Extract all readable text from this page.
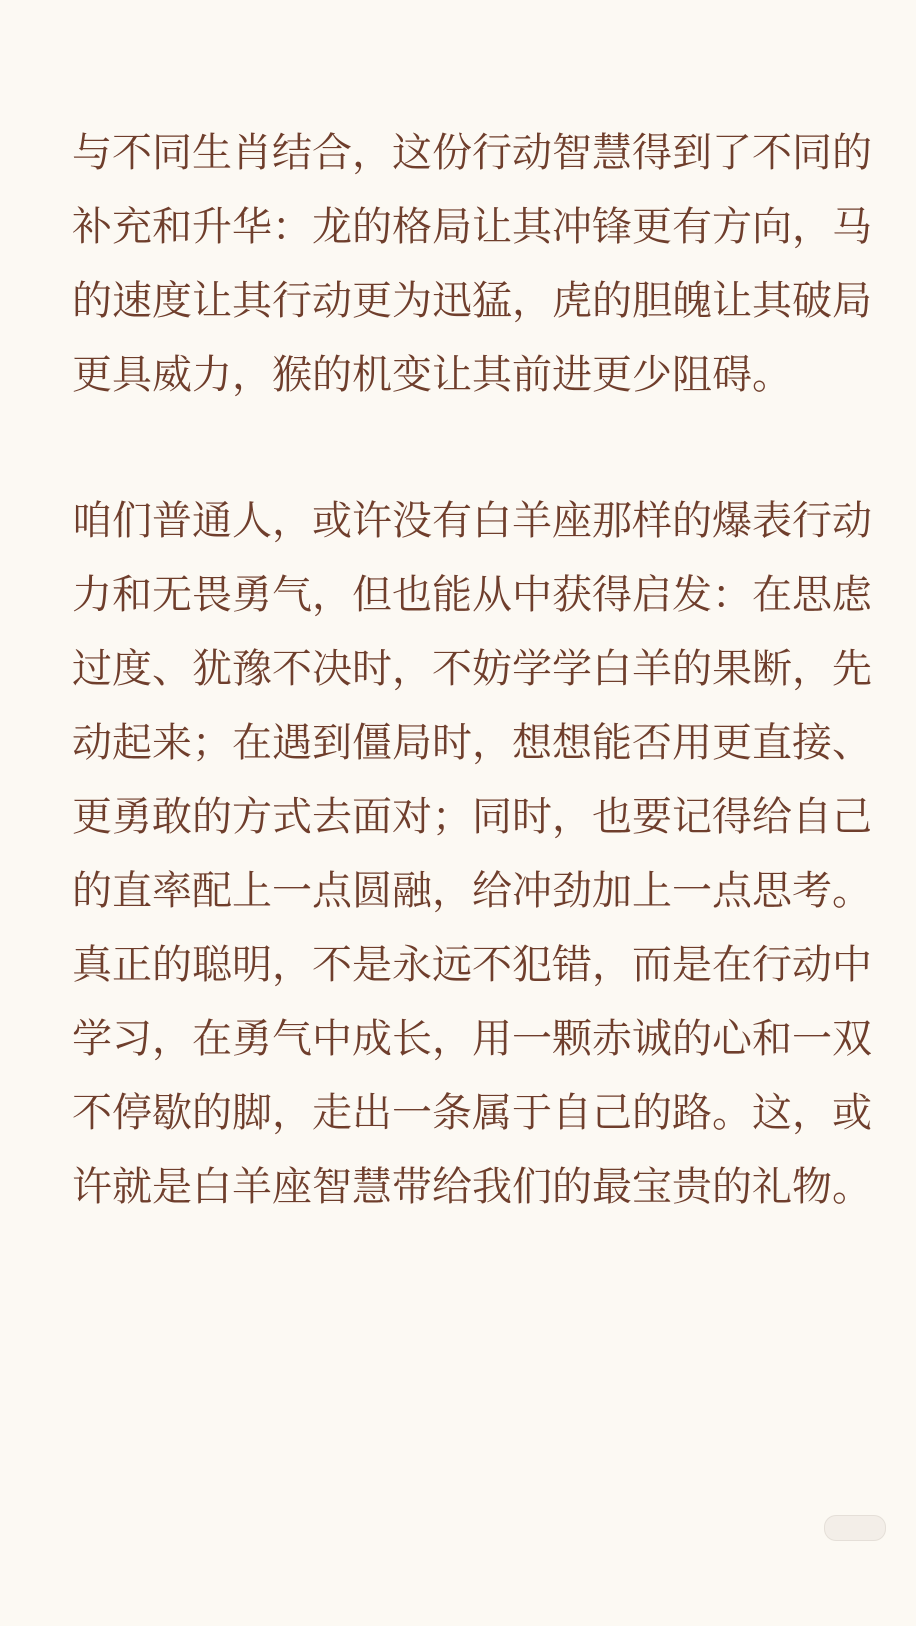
与不同生肖结合，这份行动智慧得到了不同的
补充和升华：龙的格局让其冲锋更有方向，马
的速度让其行动更为迅猛，虎的胆魄让其破局
更具威力，猴的机变让其前进更少阻碍。
咱们普通人，或许没有白羊座那样的爆表行动
力和无畏勇气，但也能从中获得启发：在思虑
过度、犹豫不决时，不妨学学白羊的果断，先
动起来；在遇到僵局时，想想能否用更直接、
更勇敢的方式去面对；同时，也要记得给自己
的直率配上一点圆融，给冲劲加上一点思考。
真正的聪明，不是永远不犯错，而是在行动中
学习，在勇气中成长，用一颗赤诚的心和一双
不停歇的脚，走出一条属于自己的路。这，或
许就是白羊座智慧带给我们的最宝贵的礼物。
